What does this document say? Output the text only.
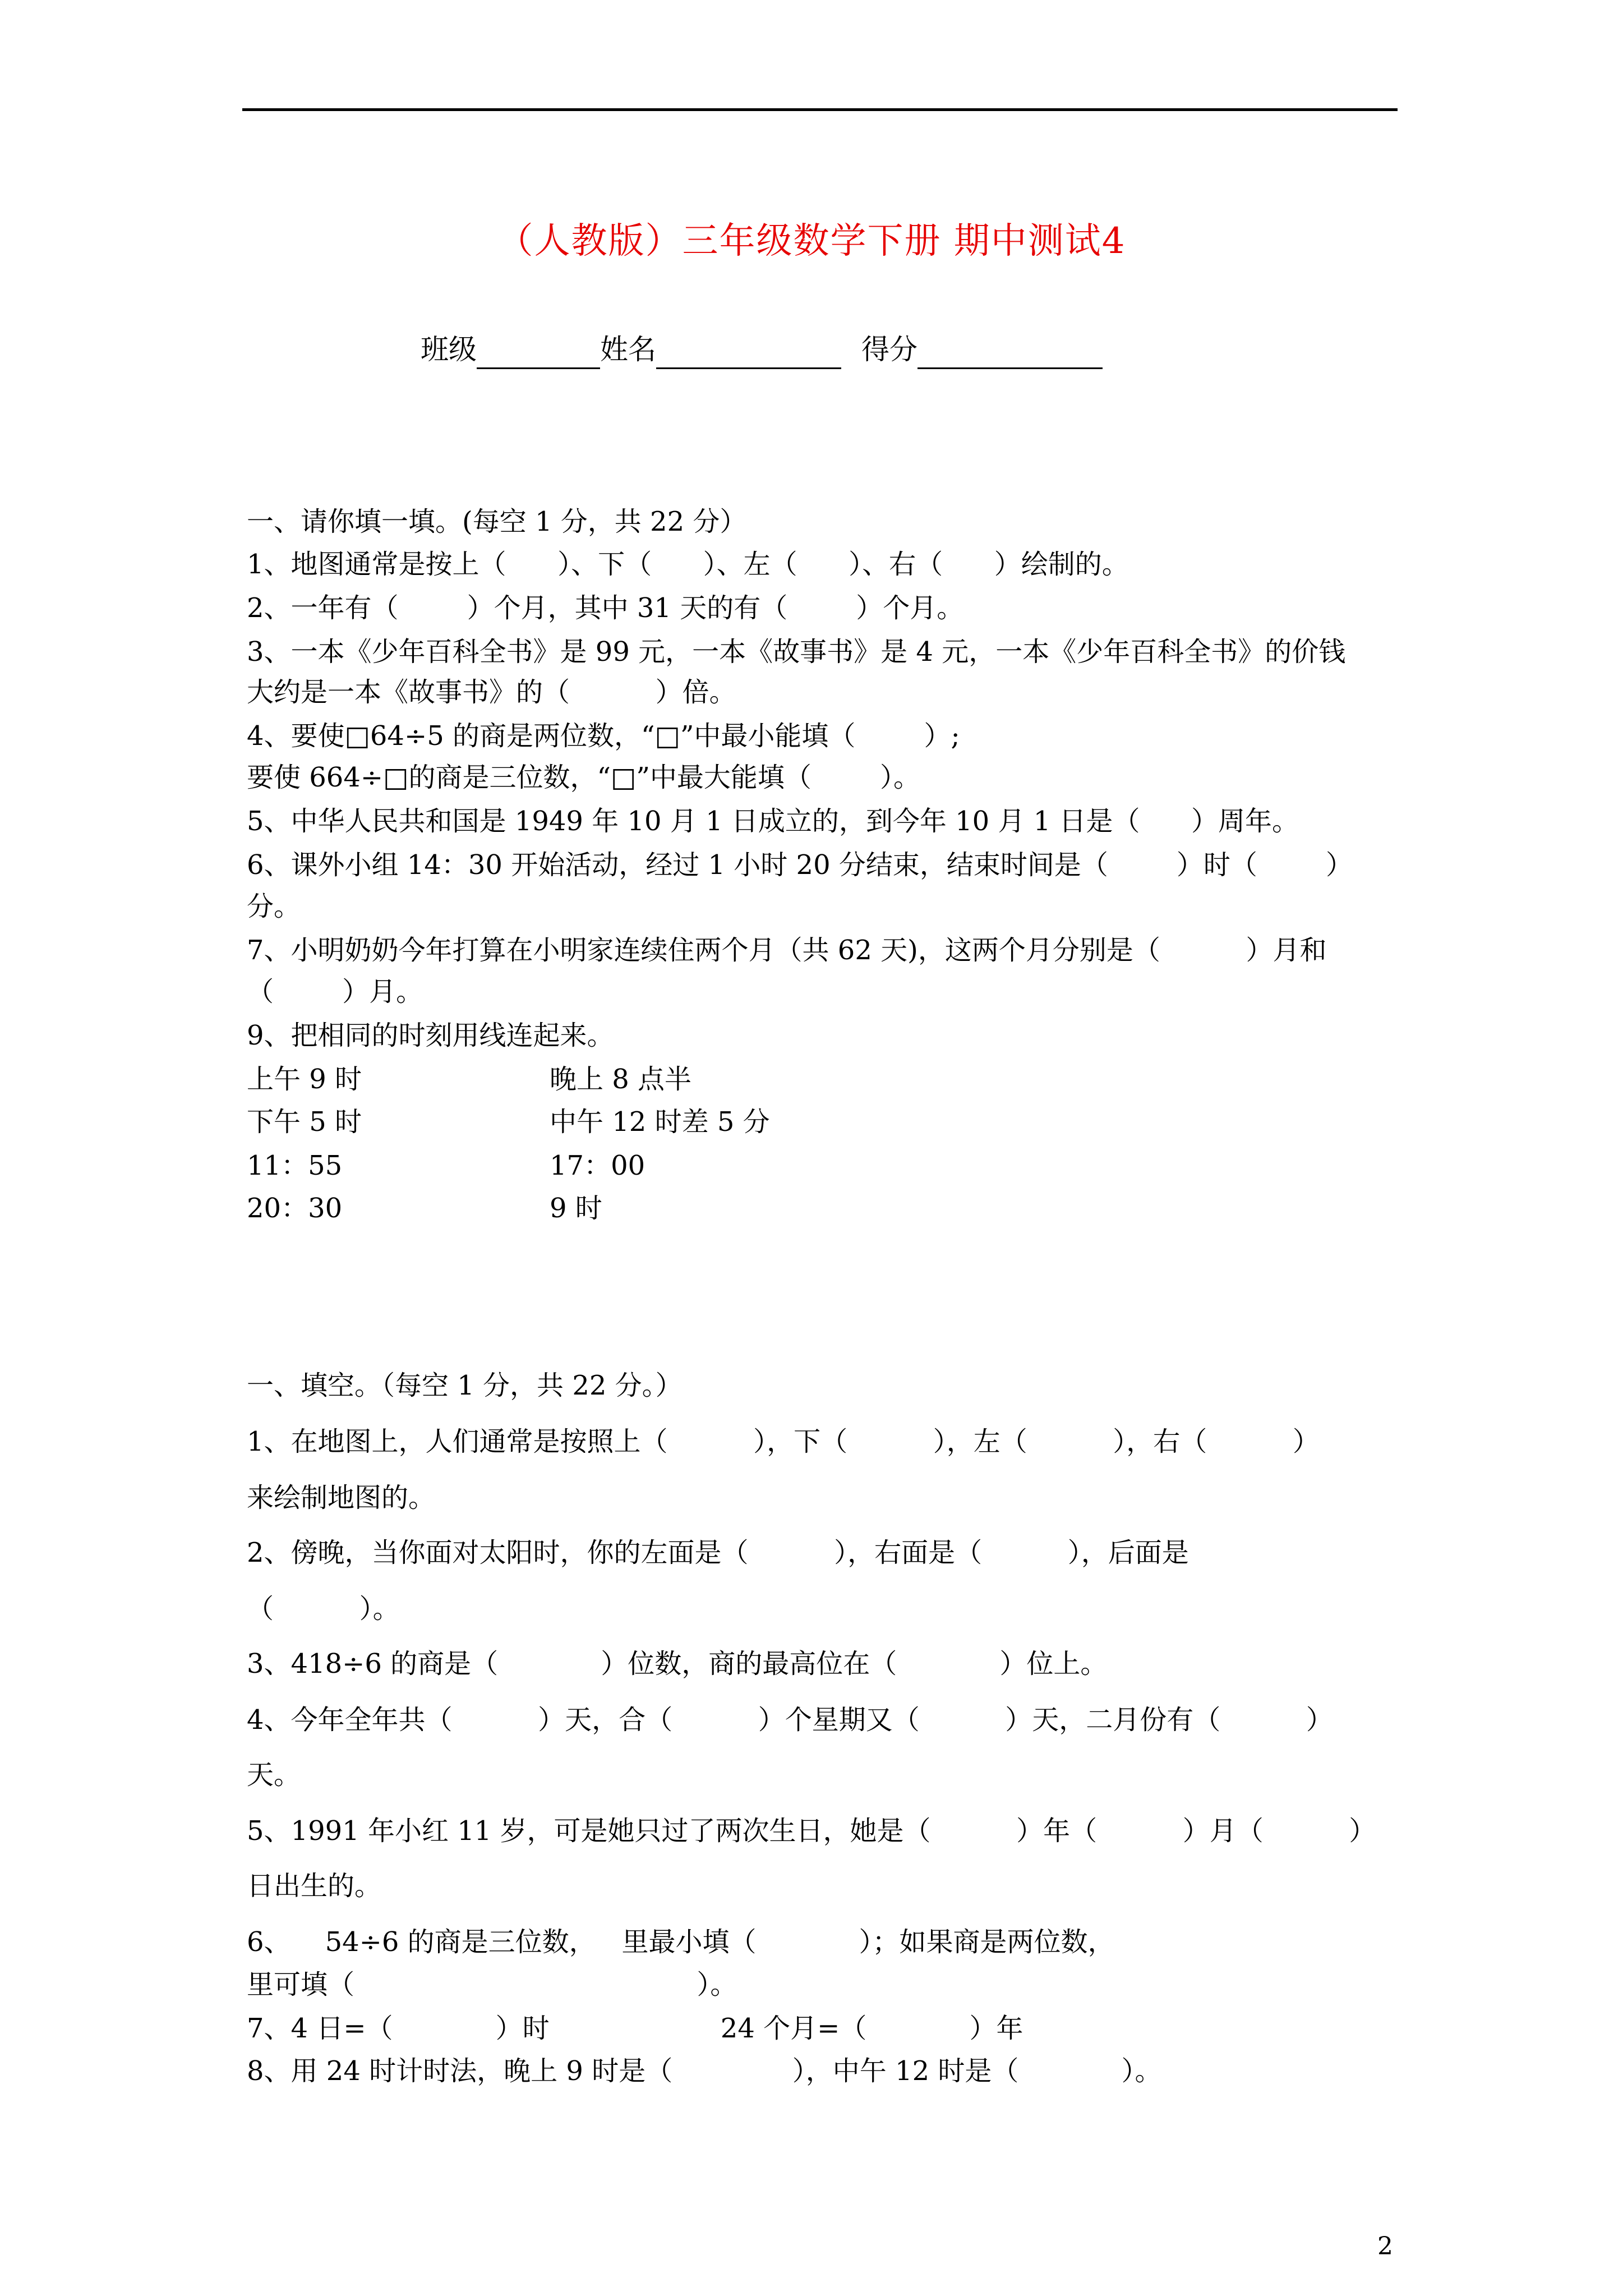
（人教版）三年级数学下册 期中测试4
班级	姓名	得分
一、请你填一填。(每空 1 分，共 22 分）
1、地图通常是按上（      ）、下（      ）、左（      ）、右（      ）绘制的。
2、一年有（        ）个月，其中 31 天的有（        ）个月。
3、一本《少年百科全书》是 99 元，一本《故事书》是 4 元，一本《少年百科全书》的价钱
大约是一本《故事书》的（          ）倍。
4、要使□64÷5 的商是两位数，“□”中最小能填（        ）;
要使 664÷□的商是三位数，“□”中最大能填（        ）。
5、中华人民共和国是 1949 年 10 月 1 日成立的，到今年 10 月 1 日是（      ）周年。
6、课外小组 14：30 开始活动，经过 1 小时 20 分结束，结束时间是（        ）时（        ）
分。
7、小明奶奶今年打算在小明家连续住两个月（共 62 天)，这两个月分别是（          ）月和
（        ）月。
9、把相同的时刻用线连起来。
上午 9 时
下午 5 时
11：55
20：30
晚上 8 点半
中午 12 时差 5 分
17：00
9 时
一、填空。（每空 1 分，共 22 分。）
1、在地图上，人们通常是按照上（          ），下（          ），左（          ），右（          ）
来绘制地图的。
2、傍晚，当你面对太阳时，你的左面是（          ），右面是（          ），后面是
（          ）。
3、418÷6 的商是（            ）位数，商的最高位在（            ）位上。
4、今年全年共（          ）天，合（          ）个星期又（          ）天，二月份有（          ）
天。
5、1991 年小红 11 岁，可是她只过了两次生日，她是（          ）年（          ）月（          ）
日出生的。
6、    54÷6 的商是三位数，   里最小填（            ）；如果商是两位数，
里可填（                                        ）。
7、4 日=（            ）时                    24 个月=（            ）年
8、用 24 时计时法，晚上 9 时是（              ），中午 12 时是（            ）。
2
